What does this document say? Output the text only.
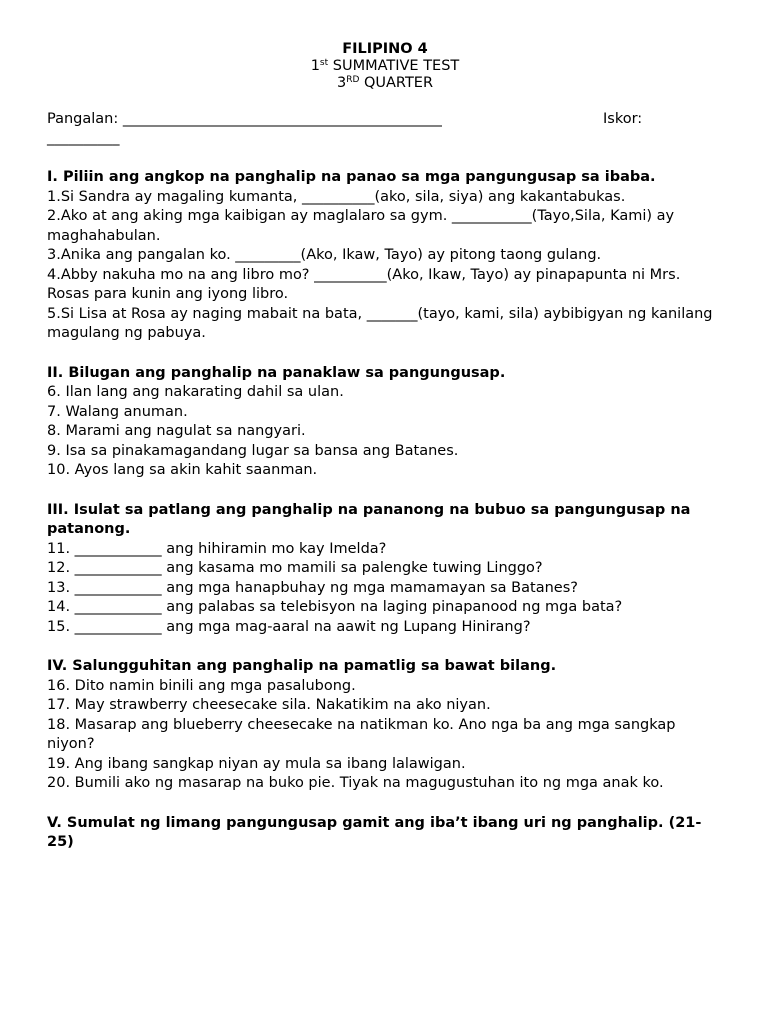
FILIPINO 4
1st SUMMATIVE TEST
3RD QUARTER
Pangalan: ____________________________________________	Iskor:
__________
I. Piliin ang angkop na panghalip na panao sa mga pangungusap sa ibaba.
1.Si Sandra ay magaling kumanta, __________(ako, sila, siya) ang kakantabukas.
2.Ako at ang aking mga kaibigan ay maglalaro sa gym. ___________(Tayo,Sila, Kami) ay maghahabulan.
3.Anika ang pangalan ko. _________(Ako, Ikaw, Tayo) ay pitong taong gulang.
4.Abby nakuha mo na ang libro mo? __________(Ako, Ikaw, Tayo) ay pinapapunta ni Mrs. Rosas para kunin ang iyong libro.
5.Si Lisa at Rosa ay naging mabait na bata, _______(tayo, kami, sila) aybibigyan ng kanilang magulang ng pabuya.
II. Bilugan ang panghalip na panaklaw sa pangungusap.
6. Ilan lang ang nakarating dahil sa ulan.
7. Walang anuman.
8. Marami ang nagulat sa nangyari.
9. Isa sa pinakamagandang lugar sa bansa ang Batanes.
10. Ayos lang sa akin kahit saanman.
III. Isulat sa patlang ang panghalip na pananong na bubuo sa pangungusap na patanong.
11. ____________ ang hihiramin mo kay Imelda?
12. ____________ ang kasama mo mamili sa palengke tuwing Linggo?
13. ____________ ang mga hanapbuhay ng mga mamamayan sa Batanes?
14. ____________ ang palabas sa telebisyon na laging pinapanood ng mga bata?
15. ____________ ang mga mag-aaral na aawit ng Lupang Hinirang?
IV. Salungguhitan ang panghalip na pamatlig sa bawat bilang.
16. Dito namin binili ang mga pasalubong.
17. May strawberry cheesecake sila. Nakatikim na ako niyan.
18. Masarap ang blueberry cheesecake na natikman ko. Ano nga ba ang mga sangkap niyon?
19. Ang ibang sangkap niyan ay mula sa ibang lalawigan.
20. Bumili ako ng masarap na buko pie. Tiyak na magugustuhan ito ng mga anak ko.
V. Sumulat ng limang pangungusap gamit ang iba’t ibang uri ng panghalip. (21-25)
